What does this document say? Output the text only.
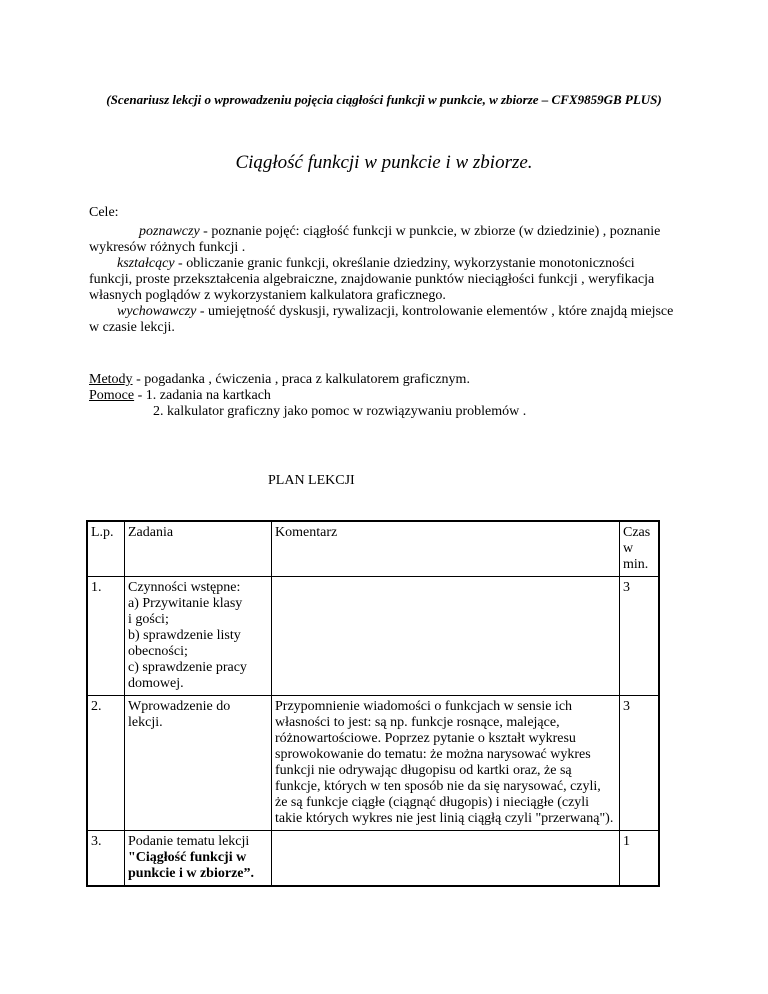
(Scenariusz lekcji o wprowadzeniu pojęcia ciągłości funkcji w punkcie, w zbiorze – CFX9859GB PLUS)
Ciągłość funkcji w punkcie i w zbiorze.
Cele:

poznawczy - poznanie pojęć: ciągłość funkcji w punkcie, w zbiorze (w dziedzinie) , poznanie wykresów różnych funkcji .

kształcący - obliczanie granic funkcji, określanie dziedziny, wykorzystanie monotoniczności funkcji, proste przekształcenia algebraiczne, znajdowanie punktów nieciągłości funkcji , weryfikacja własnych poglądów z wykorzystaniem kalkulatora graficznego.

wychowawczy - umiejętność dyskusji, rywalizacji, kontrolowanie elementów , które znajdą miejsce w czasie lekcji.

Metody - pogadanka , ćwiczenia , praca z kalkulatorem graficznym.

Pomoce - 1. zadania na kartkach

2. kalkulator graficzny jako pomoc w rozwiązywaniu problemów .

PLAN LEKCJI
L.p.	Zadania	Komentarz	Czas w min.
1.	Czynności wstępne:
a) Przywitanie klasy
i gości;
b) sprawdzenie listy obecności;
c) sprawdzenie pracy domowej.		3
2.	Wprowadzenie do lekcji.	Przypomnienie wiadomości o funkcjach w sensie ich własności to jest: są np. funkcje rosnące, malejące, różnowartościowe. Poprzez pytanie o kształt wykresu sprowokowanie do tematu: że można narysować wykres funkcji nie odrywając długopisu od kartki oraz, że są funkcje, których w ten sposób nie da się narysować, czyli, że są funkcje ciągłe (ciągnąć długopis) i nieciągłe (czyli takie których wykres nie jest linią ciągłą czyli "przerwaną").	3
3.	Podanie tematu lekcji
"Ciągłość funkcji w punkcie i w zbiorze”.		1
